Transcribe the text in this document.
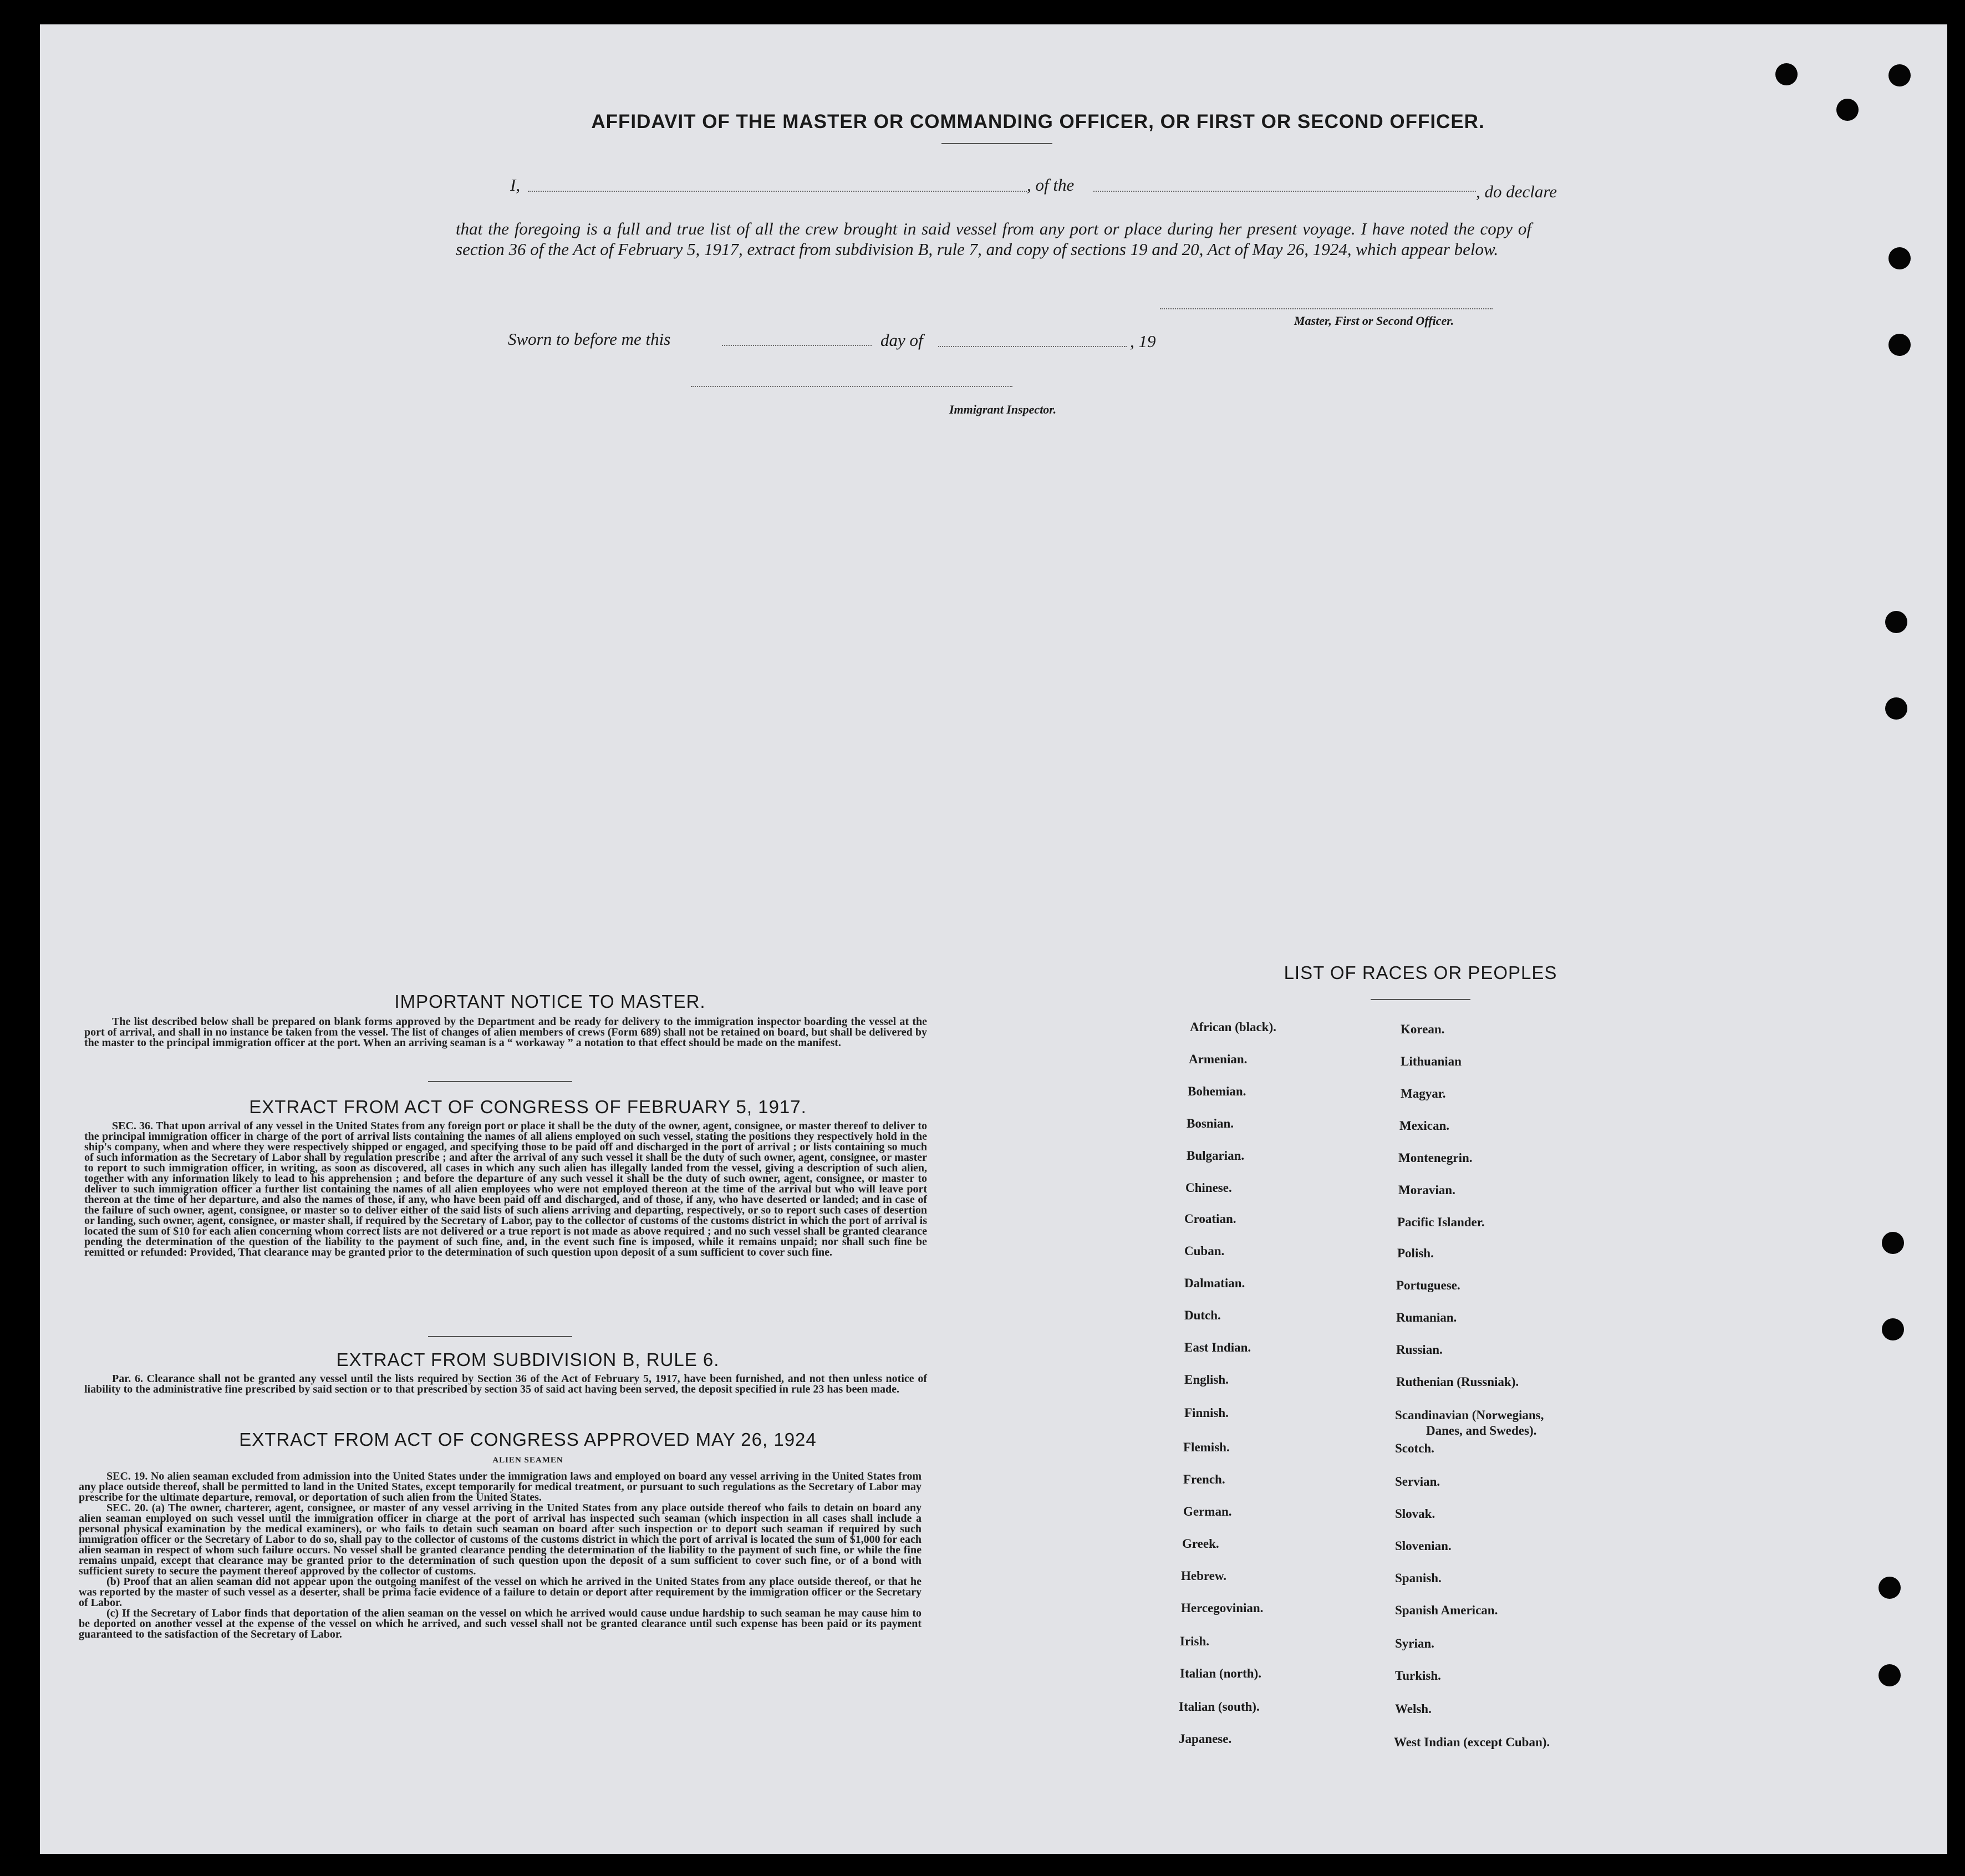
AFFIDAVIT OF THE MASTER OR COMMANDING OFFICER, OR FIRST OR SECOND OFFICER.
I,	, of the	, do declare
that the foregoing is a full and true list of all the crew brought in said vessel from any port or place during her present voyage. I have noted the copy of section 36 of the Act of February 5, 1917, extract from subdivision B, rule 7, and copy of sections 19 and 20, Act of May 26, 1924, which appear below.
Master, First or Second Officer.
Sworn to before me this	day of	, 19
Immigrant Inspector.
IMPORTANT NOTICE TO MASTER.
The list described below shall be prepared on blank forms approved by the Department and be ready for delivery to the immigration inspector boarding the vessel at the port of arrival, and shall in no instance be taken from the vessel. The list of changes of alien members of crews (Form 689) shall not be retained on board, but shall be delivered by the master to the principal immigration officer at the port. When an arriving seaman is a “ workaway ” a notation to that effect should be made on the manifest.
EXTRACT FROM ACT OF CONGRESS OF FEBRUARY 5, 1917.
SEC. 36. That upon arrival of any vessel in the United States from any foreign port or place it shall be the duty of the owner, agent, consignee, or master thereof to deliver to the principal immigration officer in charge of the port of arrival lists containing the names of all aliens employed on such vessel, stating the positions they respectively hold in the ship's company, when and where they were respectively shipped or engaged, and specifying those to be paid off and discharged in the port of arrival ; or lists containing so much of such information as the Secretary of Labor shall by regulation prescribe ; and after the arrival of any such vessel it shall be the duty of such owner, agent, consignee, or master to report to such immigration officer, in writing, as soon as discovered, all cases in which any such alien has illegally landed from the vessel, giving a description of such alien, together with any information likely to lead to his apprehension ; and before the departure of any such vessel it shall be the duty of such owner, agent, consignee, or master to deliver to such immigration officer a further list containing the names of all alien employees who were not employed thereon at the time of the arrival but who will leave port thereon at the time of her departure, and also the names of those, if any, who have been paid off and discharged, and of those, if any, who have deserted or landed; and in case of the failure of such owner, agent, consignee, or master so to deliver either of the said lists of such aliens arriving and departing, respectively, or so to report such cases of desertion or landing, such owner, agent, consignee, or master shall, if required by the Secretary of Labor, pay to the collector of customs of the customs district in which the port of arrival is located the sum of $10 for each alien concerning whom correct lists are not delivered or a true report is not made as above required ; and no such vessel shall be granted clearance pending the determination of the question of the liability to the payment of such fine, and, in the event such fine is imposed, while it remains unpaid; nor shall such fine be remitted or refunded: Provided, That clearance may be granted prior to the determination of such question upon deposit of a sum sufficient to cover such fine.
EXTRACT FROM SUBDIVISION B, RULE 6.
Par. 6. Clearance shall not be granted any vessel until the lists required by Section 36 of the Act of February 5, 1917, have been furnished, and not then unless notice of liability to the administrative fine prescribed by said section or to that prescribed by section 35 of said act having been served, the deposit specified in rule 23 has been made.
EXTRACT FROM ACT OF CONGRESS APPROVED MAY 26, 1924
ALIEN SEAMEN

SEC. 19. No alien seaman excluded from admission into the United States under the immigration laws and employed on board any vessel arriving in the United States from any place outside thereof, shall be permitted to land in the United States, except temporarily for medical treatment, or pursuant to such regulations as the Secretary of Labor may prescribe for the ultimate departure, removal, or deportation of such alien from the United States.

SEC. 20. (a) The owner, charterer, agent, consignee, or master of any vessel arriving in the United States from any place outside thereof who fails to detain on board any alien seaman employed on such vessel until the immigration officer in charge at the port of arrival has inspected such seaman (which inspection in all cases shall include a personal physical examination by the medical examiners), or who fails to detain such seaman on board after such inspection or to deport such seaman if required by such immigration officer or the Secretary of Labor to do so, shall pay to the collector of customs of the customs district in which the port of arrival is located the sum of $1,000 for each alien seaman in respect of whom such failure occurs. No vessel shall be granted clearance pending the determination of the liability to the payment of such fine, or while the fine remains unpaid, except that clearance may be granted prior to the determination of such question upon the deposit of a sum sufficient to cover such fine, or of a bond with sufficient surety to secure the payment thereof approved by the collector of customs.

(b) Proof that an alien seaman did not appear upon the outgoing manifest of the vessel on which he arrived in the United States from any place outside thereof, or that he was reported by the master of such vessel as a deserter, shall be prima facie evidence of a failure to detain or deport after requirement by the immigration officer or the Secretary of Labor.

(c) If the Secretary of Labor finds that deportation of the alien seaman on the vessel on which he arrived would cause undue hardship to such seaman he may cause him to be deported on another vessel at the expense of the vessel on which he arrived, and such vessel shall not be granted clearance until such expense has been paid or its payment guaranteed to the satisfaction of the Secretary of Labor.

LIST OF RACES OR PEOPLES
African (black).
Armenian.
Bohemian.
Bosnian.
Bulgarian.
Chinese.
Croatian.
Cuban.
Dalmatian.
Dutch.
East Indian.
English.
Finnish.
Flemish.
French.
German.
Greek.
Hebrew.
Hercegovinian.
Irish.
Italian (north).
Italian (south).
Japanese.
Korean.
Lithuanian
Magyar.
Mexican.
Montenegrin.
Moravian.
Pacific Islander.
Polish.
Portuguese.
Rumanian.
Russian.
Ruthenian (Russniak).
Scandinavian (Norwegians,
Danes, and Swedes).
Scotch.
Servian.
Slovak.
Slovenian.
Spanish.
Spanish American.
Syrian.
Turkish.
Welsh.
West Indian (except Cuban).
